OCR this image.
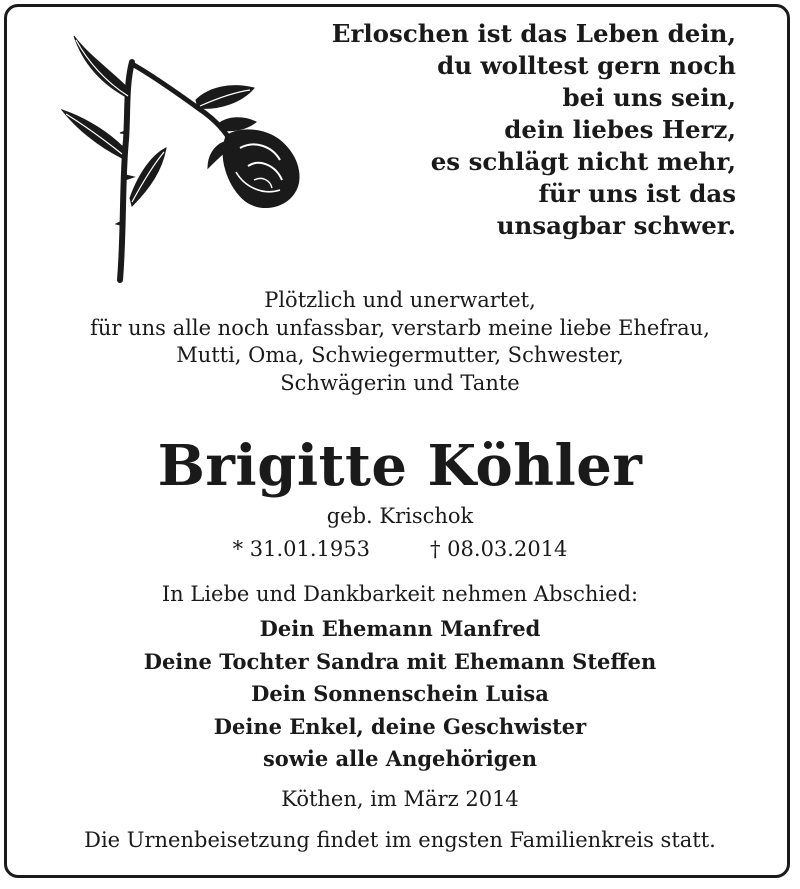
Erloschen ist das Leben dein,
du wolltest gern noch
bei uns sein,
dein liebes Herz,
es schlägt nicht mehr,
für uns ist das
unsagbar schwer.
Plötzlich und unerwartet,
für uns alle noch unfassbar, verstarb meine liebe Ehefrau,
Mutti, Oma, Schwiegermutter, Schwester,
Schwägerin und Tante
Brigitte Köhler
geb. Krischok
* 31.01.1953	† 08.03.2014
In Liebe und Dankbarkeit nehmen Abschied:
Dein Ehemann Manfred
Deine Tochter Sandra mit Ehemann Steffen
Dein Sonnenschein Luisa
Deine Enkel, deine Geschwister
sowie alle Angehörigen
Köthen, im März 2014
Die Urnenbeisetzung findet im engsten Familienkreis statt.
